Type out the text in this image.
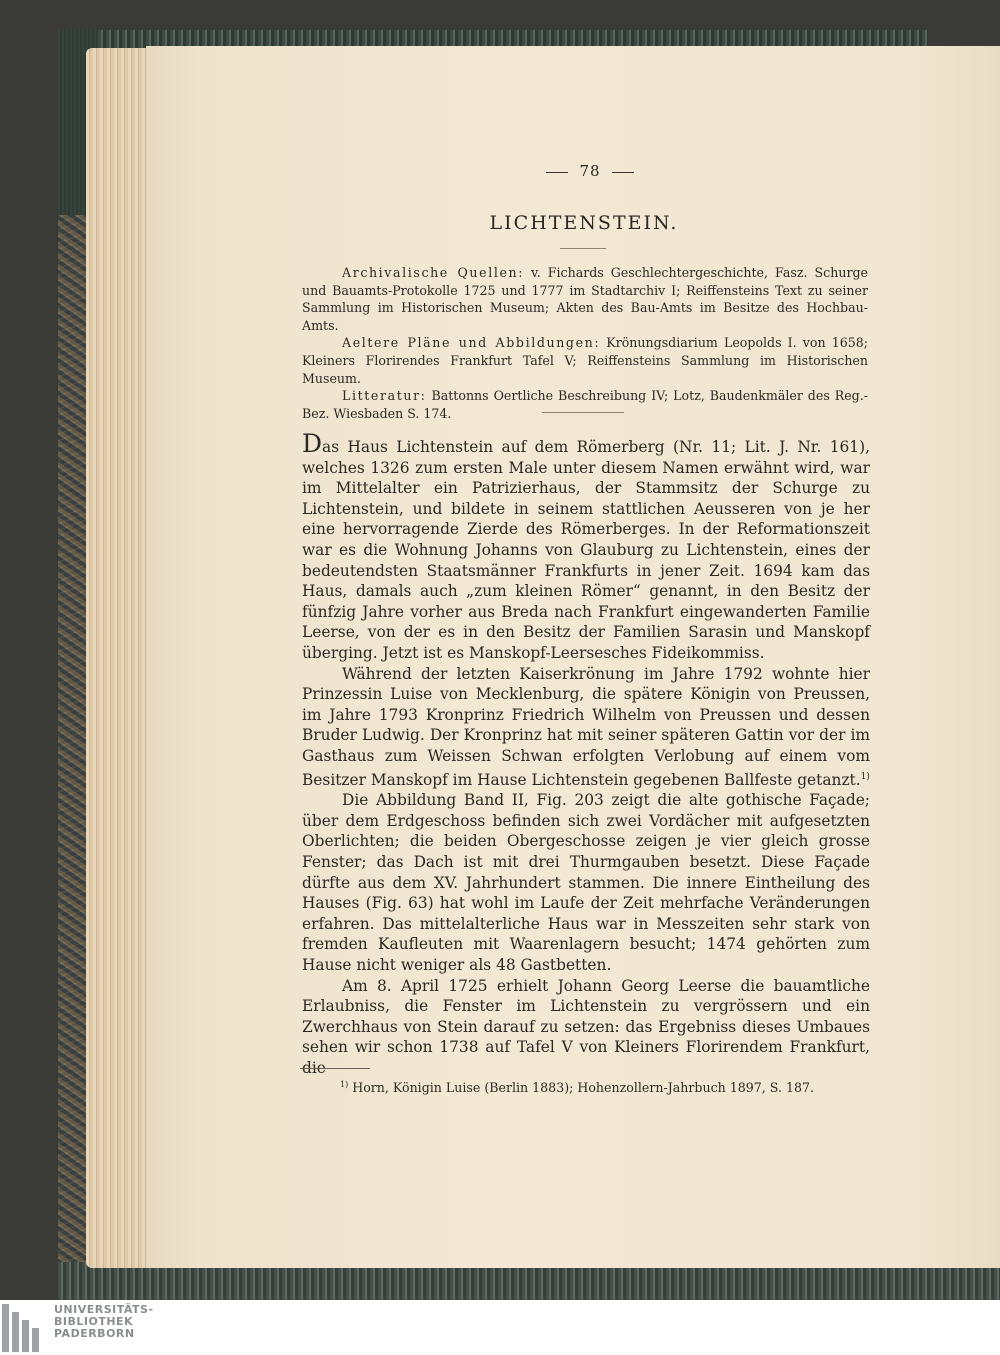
78
LICHTENSTEIN.

Archivalische Quellen: v. Fichards Geschlechtergeschichte, Fasz. Schurge und Bauamts-Protokolle 1725 und 1777 im Stadtarchiv I; Reiffensteins Text zu seiner Sammlung im Historischen Museum; Akten des Bau-Amts im Besitze des Hochbau-Amts.

Aeltere Pläne und Abbildungen: Krönungsdiarium Leopolds I. von 1658; Kleiners Florirendes Frankfurt Tafel V; Reiffensteins Sammlung im Historischen Museum.

Litteratur: Battonns Oertliche Beschreibung IV; Lotz, Baudenkmäler des Reg.-Bez. Wiesbaden S. 174.

Das Haus Lichtenstein auf dem Römerberg (Nr. 11; Lit. J. Nr. 161), welches 1326 zum ersten Male unter diesem Namen erwähnt wird, war im Mittelalter ein Patrizierhaus, der Stammsitz der Schurge zu Lichtenstein, und bildete in seinem stattlichen Aeusseren von je her eine hervorragende Zierde des Römerberges. In der Reformationszeit war es die Wohnung Johanns von Glauburg zu Lichtenstein, eines der bedeutendsten Staatsmänner Frankfurts in jener Zeit. 1694 kam das Haus, damals auch „zum kleinen Römer“ genannt, in den Besitz der fünfzig Jahre vorher aus Breda nach Frankfurt eingewanderten Familie Leerse, von der es in den Besitz der Familien Sarasin und Manskopf überging. Jetzt ist es Manskopf-Leersesches Fideikommiss.

Während der letzten Kaiserkrönung im Jahre 1792 wohnte hier Prinzessin Luise von Mecklenburg, die spätere Königin von Preussen, im Jahre 1793 Kronprinz Friedrich Wilhelm von Preussen und dessen Bruder Ludwig. Der Kronprinz hat mit seiner späteren Gattin vor der im Gasthaus zum Weissen Schwan erfolgten Verlobung auf einem vom Besitzer Manskopf im Hause Lichtenstein gegebenen Ballfeste getanzt.$^{1)}$

Die Abbildung Band II, Fig. 203 zeigt die alte gothische Façade; über dem Erdgeschoss befinden sich zwei Vordächer mit aufgesetzten Oberlichten; die beiden Obergeschosse zeigen je vier gleich grosse Fenster; das Dach ist mit drei Thurmgauben besetzt. Diese Façade dürfte aus dem XV. Jahrhundert stammen. Die innere Eintheilung des Hauses (Fig. 63) hat wohl im Laufe der Zeit mehrfache Veränderungen erfahren. Das mittelalterliche Haus war in Messzeiten sehr stark von fremden Kaufleuten mit Waarenlagern besucht; 1474 gehörten zum Hause nicht weniger als 48 Gastbetten.

Am 8. April 1725 erhielt Johann Georg Leerse die bauamtliche Erlaubniss, die Fenster im Lichtenstein zu vergrössern und ein Zwerchhaus von Stein darauf zu setzen: das Ergebniss dieses Umbaues sehen wir schon 1738 auf Tafel V von Kleiners Florirendem Frankfurt, die

$^{1)}$ Horn, Königin Luise (Berlin 1883); Hohenzollern-Jahrbuch 1897, S. 187.
UNIVERSITÄTS-
BIBLIOTHEK
PADERBORN
